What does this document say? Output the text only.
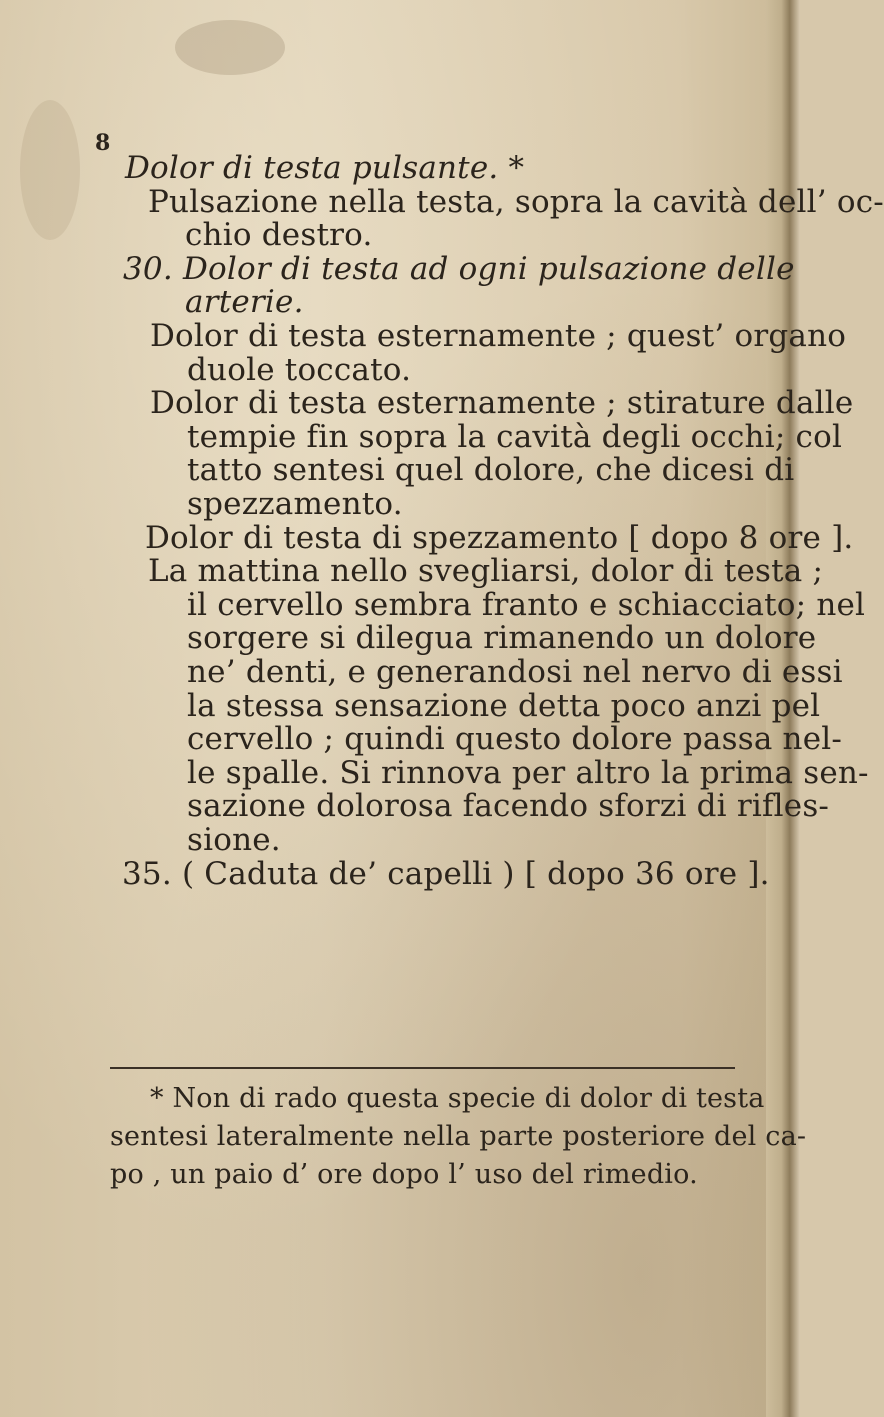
8
Dolor di testa pulsante. *
Pulsazione nella testa, sopra la cavità dell’ oc-
chio destro.
30. Dolor di testa ad ogni pulsazione delle
arterie.
Dolor di testa esternamente ; quest’ organo
duole toccato.
Dolor di testa esternamente ; stirature dalle
tempie fin sopra la cavità degli occhi; col
tatto sentesi quel dolore, che dicesi di
spezzamento.
Dolor di testa di spezzamento [ dopo 8 ore ].
La mattina nello svegliarsi, dolor di testa ;
il cervello sembra franto e schiacciato; nel
sorgere si dilegua rimanendo un dolore
ne’ denti, e generandosi nel nervo di essi
la stessa sensazione detta poco anzi pel
cervello ; quindi questo dolore passa nel-
le spalle. Si rinnova per altro la prima sen-
sazione dolorosa facendo sforzi di rifles-
sione.
35. ( Caduta de’ capelli ) [ dopo 36 ore ].
* Non di rado questa specie di dolor di testa
sentesi lateralmente nella parte posteriore del ca-
po , un paio d’ ore dopo l’ uso del rimedio.
